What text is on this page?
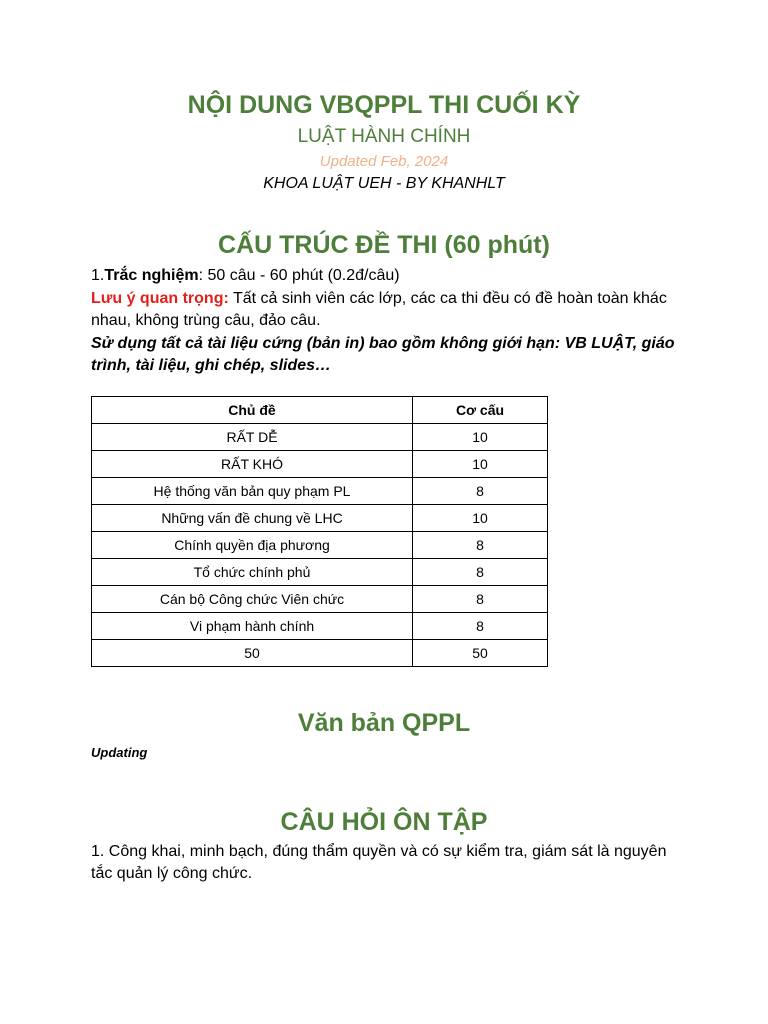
NỘI DUNG VBQPPL THI CUỐI KỲ
LUẬT HÀNH CHÍNH
Updated Feb, 2024
KHOA LUẬT UEH - BY KHANHLT
CẤU TRÚC ĐỀ THI (60 phút)
1.Trắc nghiệm: 50 câu - 60 phút (0.2đ/câu)
Lưu ý quan trọng: Tất cả sinh viên các lớp, các ca thi đều có đề hoàn toàn khác nhau, không trùng câu, đảo câu.
Sử dụng tất cả tài liệu cứng (bản in) bao gồm không giới hạn: VB LUẬT, giáo trình, tài liệu, ghi chép, slides…
Chủ đề	Cơ cấu
RẤT DỄ	10
RẤT KHÓ	10
Hệ thống văn bản quy phạm PL	8
Những vấn đề chung về LHC	10
Chính quyền địa phương	8
Tổ chức chính phủ	8
Cán bộ Công chức Viên chức	8
Vi phạm hành chính	8
50	50
Văn bản QPPL
Updating
CÂU HỎI ÔN TẬP
1. Công khai, minh bạch, đúng thẩm quyền và có sự kiểm tra, giám sát là nguyên tắc quản lý công chức.
